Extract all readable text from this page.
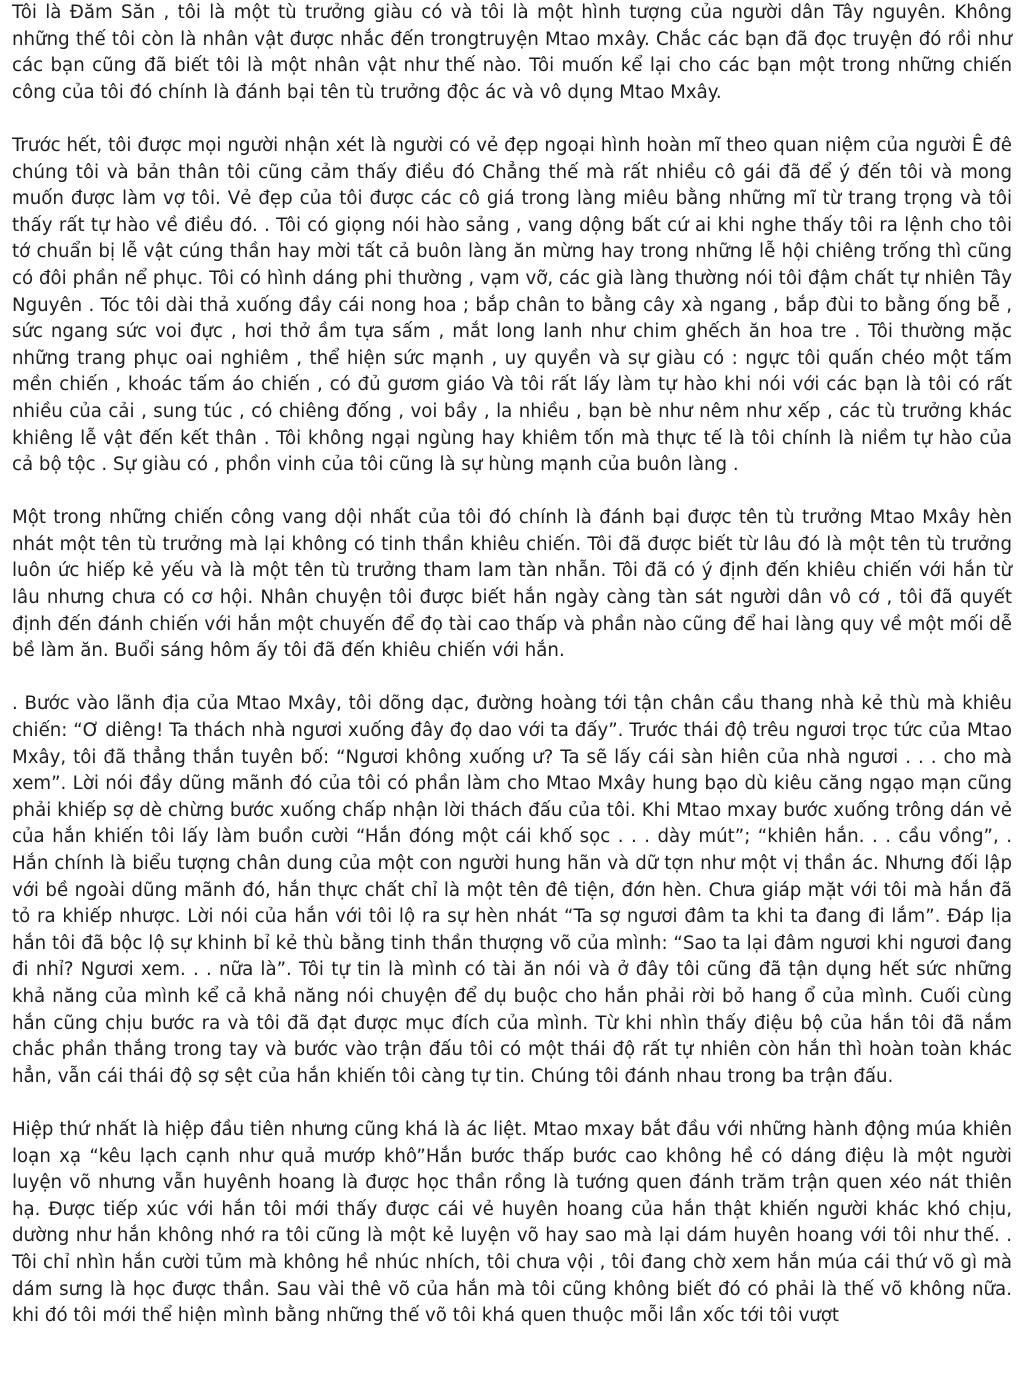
Tôi là Đăm Săn , tôi là một tù trưởng giàu có và tôi là một hình tượng của người dân Tây nguyên. Không những thế tôi còn là nhân vật được nhắc đến trongtruyện Mtao mxây. Chắc các bạn đã đọc truyện đó rồi như các bạn cũng đã biết tôi là một nhân vật như thế nào. Tôi muốn kể lại cho các bạn một trong những chiến công của tôi đó chính là đánh bại tên tù trưởng độc ác và vô dụng Mtao Mxây.

Trước hết, tôi được mọi người nhận xét là người có vẻ đẹp ngoại hình hoàn mĩ theo quan niệm của người Ê đê chúng tôi và bản thân tôi cũng cảm thấy điều đó Chẳng thế mà rất nhiều cô gái đã để ý đến tôi và mong muốn được làm vợ tôi. Vẻ đẹp của tôi được các cô giá trong làng miêu bằng những mĩ từ trang trọng và tôi thấy rất tự hào về điều đó. . Tôi có giọng nói hào sảng , vang dộng bất cứ ai khi nghe thấy tôi ra lệnh cho tôi tớ chuẩn bị lễ vật cúng thần hay mời tất cả buôn làng ăn mừng hay trong những lễ hội chiêng trống thì cũng có đôi phần nể phục. Tôi có hình dáng phi thường , vạm vỡ, các già làng thường nói tôi đậm chất tự nhiên Tây Nguyên . Tóc tôi dài thả xuống đầy cái nong hoa ; bắp chân to bằng cây xà ngang , bắp đùi to bằng ống bễ , sức ngang sức voi đực , hơi thở ầm tựa sấm , mắt long lanh như chim ghếch ăn hoa tre . Tôi thường mặc những trang phục oai nghiêm , thể hiện sức mạnh , uy quyền và sự giàu có : ngực tôi quấn chéo một tấm mền chiến , khoác tấm áo chiến , có đủ gươm giáo Và tôi rất lấy làm tự hào khi nói với các bạn là tôi có rất nhiều của cải , sung túc , có chiêng đống , voi bầy , la nhiều , bạn bè như nêm như xếp , các tù trưởng khác khiêng lễ vật đến kết thân . Tôi không ngại ngùng hay khiêm tốn mà thực tế là tôi chính là niềm tự hào của cả bộ tộc . Sự giàu có , phồn vinh của tôi cũng là sự hùng mạnh của buôn làng .

Một trong những chiến công vang dội nhất của tôi đó chính là đánh bại được tên tù trưởng Mtao Mxây hèn nhát một tên tù trưởng mà lại không có tinh thần khiêu chiến. Tôi đã được biết từ lâu đó là một tên tù trưởng luôn ức hiếp kẻ yếu và là một tên tù trưởng tham lam tàn nhẫn. Tôi đã có ý định đến khiêu chiến với hắn từ lâu nhưng chưa có cơ hội. Nhân chuyện tôi được biết hắn ngày càng tàn sát người dân vô cớ , tôi đã quyết định đến đánh chiến với hắn một chuyến để đọ tài cao thấp và phần nào cũng để hai làng quy về một mối dễ bề làm ăn. Buổi sáng hôm ấy tôi đã đến khiêu chiến với hắn.

. Bước vào lãnh địa của Mtao Mxây, tôi dõng dạc, đường hoàng tới tận chân cầu thang nhà kẻ thù mà khiêu chiến: “Ơ diêng! Ta thách nhà ngươi xuống đây đọ dao với ta đấy”. Trước thái độ trêu ngươi trọc tức của Mtao Mxây, tôi đã thẳng thắn tuyên bố: “Ngươi không xuống ư? Ta sẽ lấy cái sàn hiên của nhà ngươi . . . cho mà xem”. Lời nói đầy dũng mãnh đó của tôi có phần làm cho Mtao Mxây hung bạo dù kiêu căng ngạo mạn cũng phải khiếp sợ dè chừng bước xuống chấp nhận lời thách đấu của tôi. Khi Mtao mxay bước xuống trông dán vẻ của hắn khiến tôi lấy làm buồn cười “Hắn đóng một cái khố sọc . . . dày mút”; “khiên hắn. . . cầu vồng”, . Hắn chính là biểu tượng chân dung của một con người hung hãn và dữ tợn như một vị thần ác. Nhưng đối lập với bề ngoài dũng mãnh đó, hắn thực chất chỉ là một tên đê tiện, đớn hèn. Chưa giáp mặt với tôi mà hắn đã tỏ ra khiếp nhược. Lời nói của hắn với tôi lộ ra sự hèn nhát “Ta sợ ngươi đâm ta khi ta đang đi lắm”. Đáp lịa hắn tôi đã bộc lộ sự khinh bỉ kẻ thù bằng tinh thần thượng võ của mình: “Sao ta lại đâm ngươi khi ngươi đang đi nhỉ? Ngươi xem. . . nữa là”. Tôi tự tin là mình có tài ăn nói và ở đây tôi cũng đã tận dụng hết sức những khả năng của mình kể cả khả năng nói chuyện để dụ buộc cho hắn phải rời bỏ hang ổ của mình. Cuối cùng hắn cũng chịu bước ra và tôi đã đạt được mục đích của mình. Từ khi nhìn thấy điệu bộ của hắn tôi đã nắm chắc phần thắng trong tay và bước vào trận đấu tôi có một thái độ rất tự nhiên còn hắn thì hoàn toàn khác hẳn, vẫn cái thái độ sợ sệt của hắn khiến tôi càng tự tin. Chúng tôi đánh nhau trong ba trận đấu.

Hiệp thứ nhất là hiệp đầu tiên nhưng cũng khá là ác liệt. Mtao mxay bắt đầu với những hành động múa khiên loạn xạ “kêu lạch cạnh như quả mướp khô”Hắn bước thấp bước cao không hề có dáng điệu là một người luyện võ nhưng vẫn huyênh hoang là được học thần rồng là tướng quen đánh trăm trận quen xéo nát thiên hạ. Được tiếp xúc với hắn tôi mới thấy được cái vẻ huyên hoang của hắn thật khiến người khác khó chịu, dường như hắn không nhớ ra tôi cũng là một kẻ luyện võ hay sao mà lại dám huyên hoang với tôi như thế. . Tôi chỉ nhìn hắn cười tủm mà không hề nhúc nhích, tôi chưa vội , tôi đang chờ xem hắn múa cái thứ võ gì mà dám sưng là học được thần. Sau vài thê võ của hắn mà tôi cũng không biết đó có phải là thế võ không nữa. khi đó tôi mới thể hiện mình bằng những thế võ tôi khá quen thuộc mỗi lần xốc tới tôi vượt
